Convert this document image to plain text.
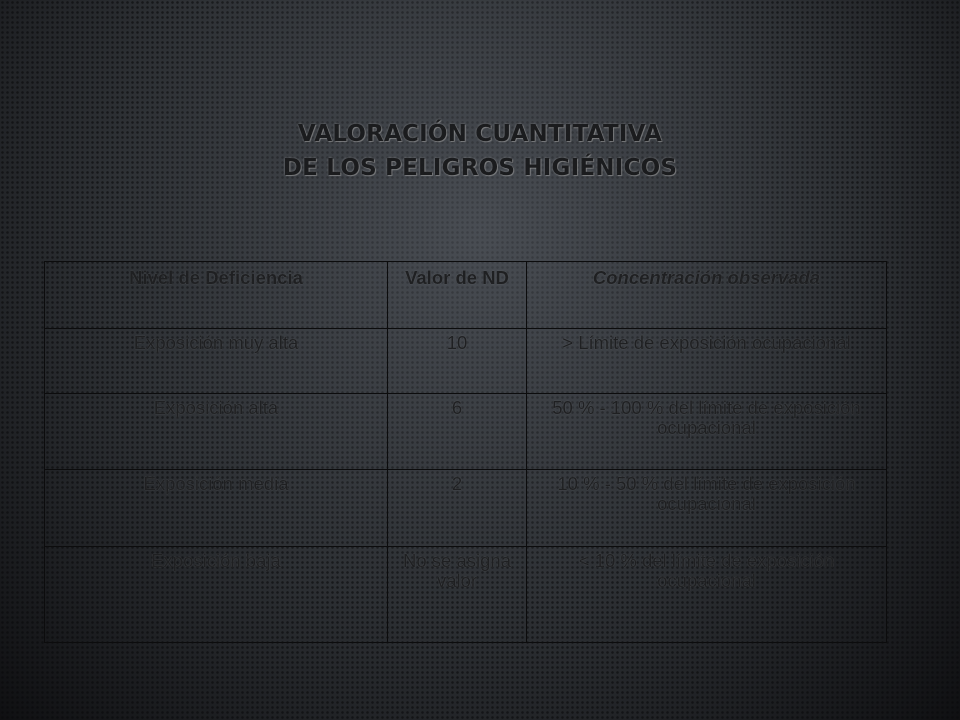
VALORACIÓN CUANTITATIVA
DE LOS PELIGROS HIGIÉNICOS
Nivel de Deficiencia	Valor de ND	Concentración observada
Exposición muy alta	10	> Límite de exposición ocupacional
Exposición alta	6	50 % - 100 % del límite de exposición ocupacional
Exposición media	2	10 % - 50 % del límite de exposición ocupacional
Exposición baja	No se asigna valor	< 10 % del límite de exposición ocupacional
